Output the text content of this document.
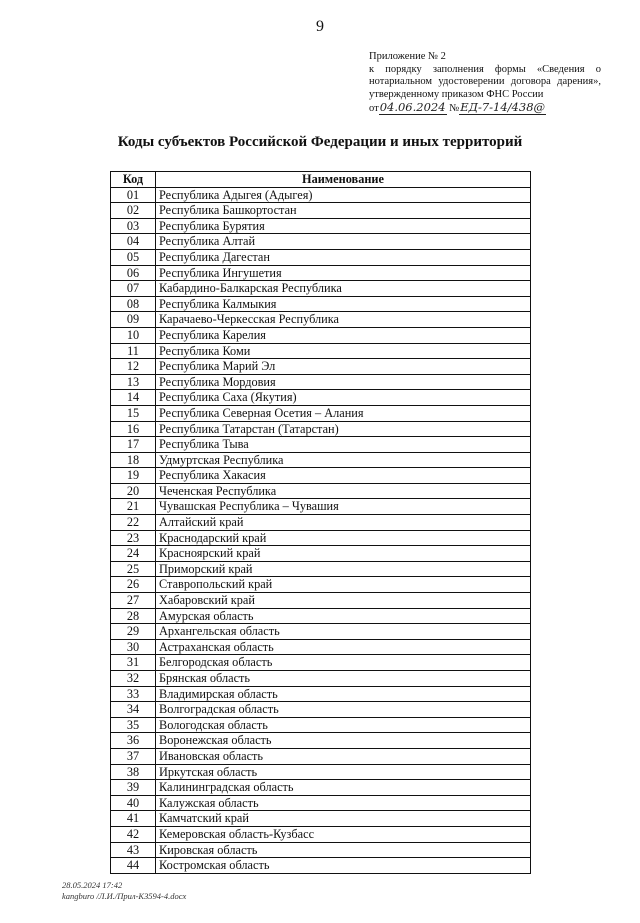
9
Приложение № 2
к порядку заполнения формы «Сведения о
нотариальном удостоверении договора дарения»,
утвержденному приказом ФНС России
от04.06.2024 №ЕД-7-14/438@
Коды субъектов Российской Федерации и иных территорий
Код	Наименование
01	Республика Адыгея (Адыгея)
02	Республика Башкортостан
03	Республика Бурятия
04	Республика Алтай
05	Республика Дагестан
06	Республика Ингушетия
07	Кабардино-Балкарская Республика
08	Республика Калмыкия
09	Карачаево-Черкесская Республика
10	Республика Карелия
11	Республика Коми
12	Республика Марий Эл
13	Республика Мордовия
14	Республика Саха (Якутия)
15	Республика Северная Осетия – Алания
16	Республика Татарстан (Татарстан)
17	Республика Тыва
18	Удмуртская Республика
19	Республика Хакасия
20	Чеченская Республика
21	Чувашская Республика – Чувашия
22	Алтайский край
23	Краснодарский край
24	Красноярский край
25	Приморский край
26	Ставропольский край
27	Хабаровский край
28	Амурская область
29	Архангельская область
30	Астраханская область
31	Белгородская область
32	Брянская область
33	Владимирская область
34	Волгоградская область
35	Вологодская область
36	Воронежская область
37	Ивановская область
38	Иркутская область
39	Калининградская область
40	Калужская область
41	Камчатский край
42	Кемеровская область-Кузбасс
43	Кировская область
44	Костромская область
28.05.2024 17:42
kangburo /Л.И./Прил-КЗ594-4.docx
